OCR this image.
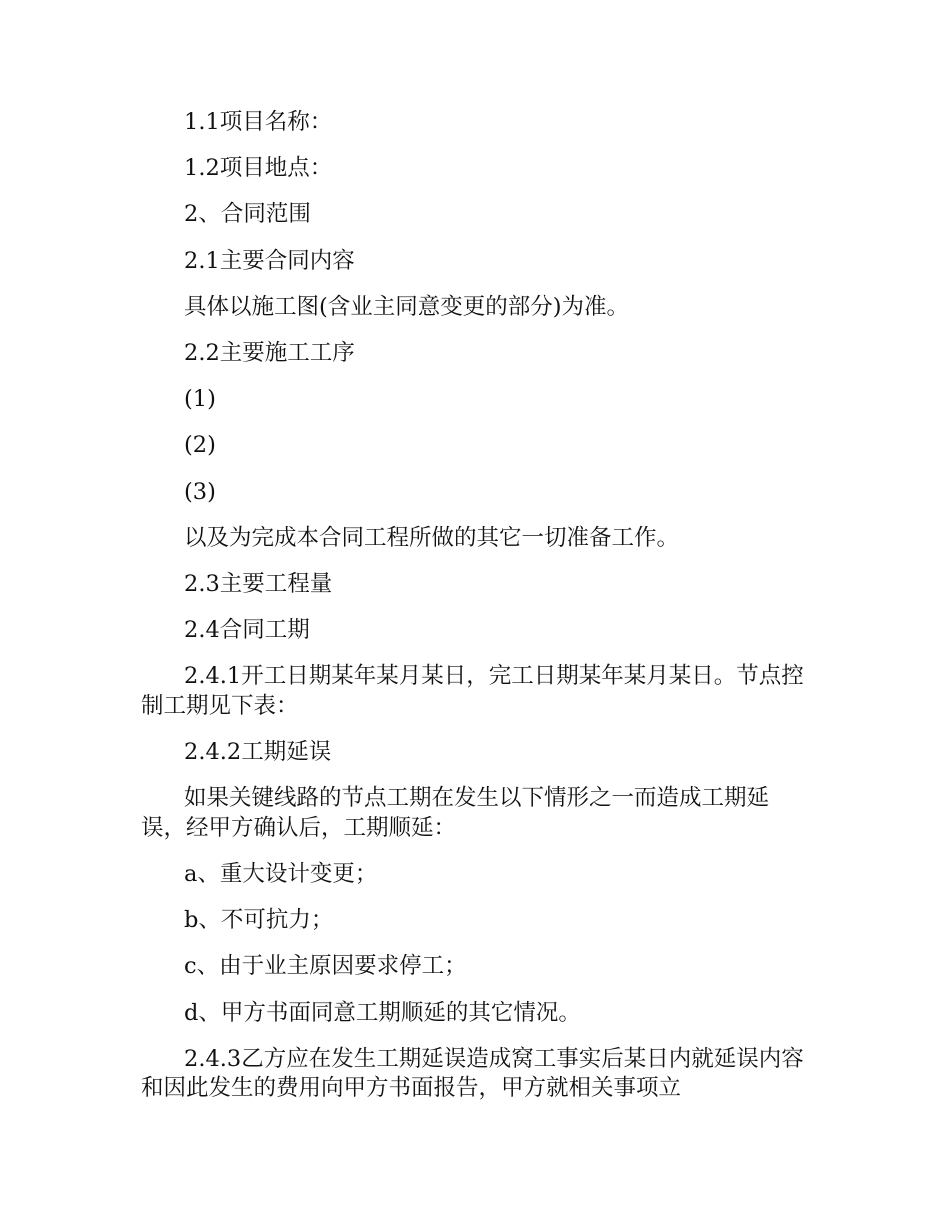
1.1项目名称：

1.2项目地点：

2、合同范围

2.1主要合同内容

具体以施工图(含业主同意变更的部分)为准。

2.2主要施工工序

(1)

(2)

(3)

以及为完成本合同工程所做的其它一切准备工作。

2.3主要工程量

2.4合同工期

2.4.1开工日期某年某月某日，完工日期某年某月某日。节点控制工期见下表：

2.4.2工期延误

如果关键线路的节点工期在发生以下情形之一而造成工期延误，经甲方确认后，工期顺延：

a、重大设计变更；

b、不可抗力；

c、由于业主原因要求停工；

d、甲方书面同意工期顺延的其它情况。

2.4.3乙方应在发生工期延误造成窝工事实后某日内就延误内容和因此发生的费用向甲方书面报告，甲方就相关事项立
